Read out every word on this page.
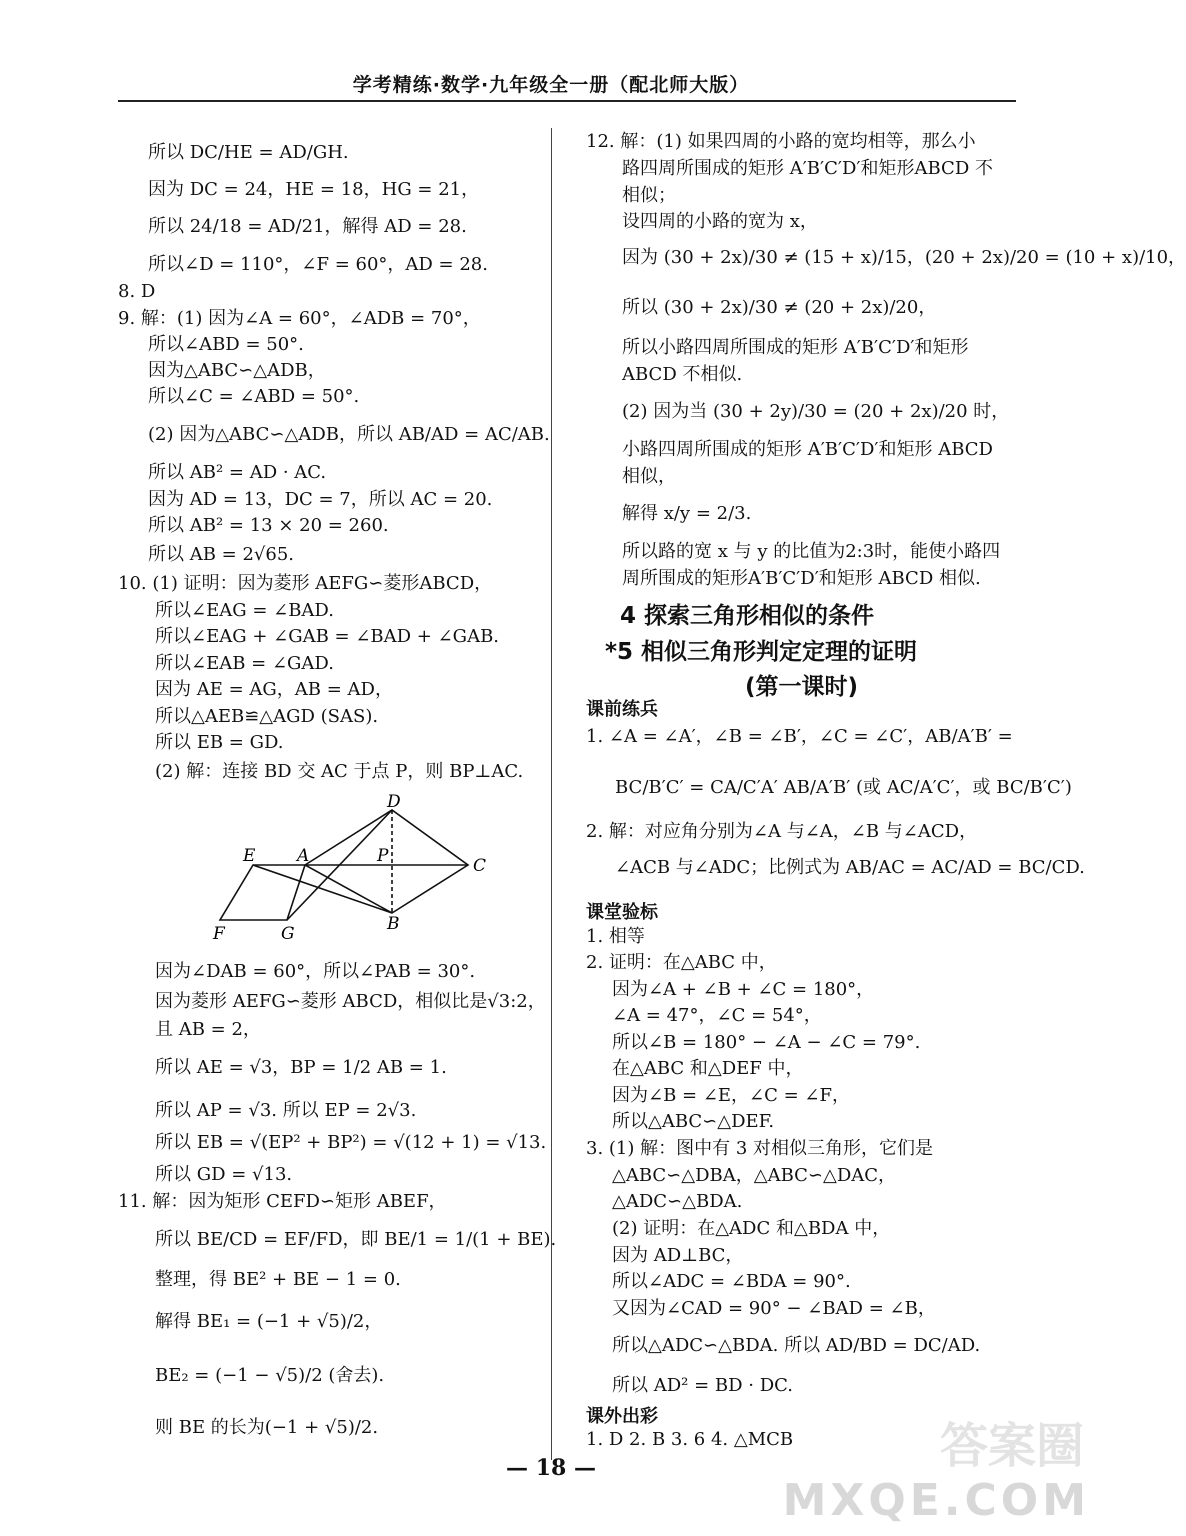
学考精练·数学·九年级全一册（配北师大版）
所以 DC/HE = AD/GH.
因为 DC = 24，HE = 18，HG = 21，
所以 24/18 = AD/21，解得 AD = 28.
所以∠D = 110°，∠F = 60°，AD = 28.
8. D
9. 解：(1) 因为∠A = 60°，∠ADB = 70°，
所以∠ABD = 50°.
因为△ABC∽△ADB，
所以∠C = ∠ABD = 50°.
(2) 因为△ABC∽△ADB，所以 AB/AD = AC/AB.
所以 AB² = AD · AC.
因为 AD = 13，DC = 7，所以 AC = 20.
所以 AB² = 13 × 20 = 260.
所以 AB = 2√65.
10. (1) 证明：因为菱形 AEFG∽菱形ABCD，
所以∠EAG = ∠BAD.
所以∠EAG + ∠GAB = ∠BAD + ∠GAB.
所以∠EAB = ∠GAD.
因为 AE = AG，AB = AD，
所以△AEB≌△AGD (SAS).
所以 EB = GD.
(2) 解：连接 BD 交 AC 于点 P，则 BP⊥AC.
因为∠DAB = 60°，所以∠PAB = 30°.
因为菱形 AEFG∽菱形 ABCD，相似比是√3:2，
且 AB = 2，
所以 AE = √3，BP = 1/2 AB = 1.
所以 AP = √3. 所以 EP = 2√3.
所以 EB = √(EP² + BP²) = √(12 + 1) = √13.
所以 GD = √13.
11. 解：因为矩形 CEFD∽矩形 ABEF，
所以 BE/CD = EF/FD，即 BE/1 = 1/(1 + BE).
整理，得 BE² + BE − 1 = 0.
解得 BE₁ = (−1 + √5)/2，
BE₂ = (−1 − √5)/2 (舍去).
则 BE 的长为(−1 + √5)/2.
12. 解：(1) 如果四周的小路的宽均相等，那么小
路四周所围成的矩形 A′B′C′D′和矩形ABCD 不
相似；
设四周的小路的宽为 x，
因为 (30 + 2x)/30 ≠ (15 + x)/15，(20 + 2x)/20 = (10 + x)/10，
所以 (30 + 2x)/30 ≠ (20 + 2x)/20，
所以小路四周所围成的矩形 A′B′C′D′和矩形
ABCD 不相似.
(2) 因为当 (30 + 2y)/30 = (20 + 2x)/20 时，
小路四周所围成的矩形 A′B′C′D′和矩形 ABCD
相似，
解得 x/y = 2/3.
所以路的宽 x 与 y 的比值为2:3时，能使小路四
周所围成的矩形A′B′C′D′和矩形 ABCD 相似.
1. ∠A = ∠A′，∠B = ∠B′，∠C = ∠C′，AB/A′B′ =
BC/B′C′ = CA/C′A′ AB/A′B′ (或 AC/A′C′，或 BC/B′C′)
2. 解：对应角分别为∠A 与∠A，∠B 与∠ACD，
∠ACB 与∠ADC；比例式为 AB/AC = AC/AD = BC/CD.
1. 相等
2. 证明：在△ABC 中，
因为∠A + ∠B + ∠C = 180°，
∠A = 47°，∠C = 54°，
所以∠B = 180° − ∠A − ∠C = 79°.
在△ABC 和△DEF 中，
因为∠B = ∠E，∠C = ∠F，
所以△ABC∽△DEF.
3. (1) 解：图中有 3 对相似三角形，它们是
△ABC∽△DBA，△ABC∽△DAC，
△ADC∽△BDA.
(2) 证明：在△ADC 和△BDA 中，
因为 AD⊥BC，
所以∠ADC = ∠BDA = 90°.
又因为∠CAD = 90° − ∠BAD = ∠B，
所以△ADC∽△BDA. 所以 AD/BD = DC/AD.
所以 AD² = BD · DC.
1. D 2. B 3. 6 4. △MCB
4 探索三角形相似的条件
*5 相似三角形判定定理的证明
(第一课时)
课前练兵
课堂验标
课外出彩
D
E A	P	C
B
F	G
— 18 —	答案圈
MXQE.COM
